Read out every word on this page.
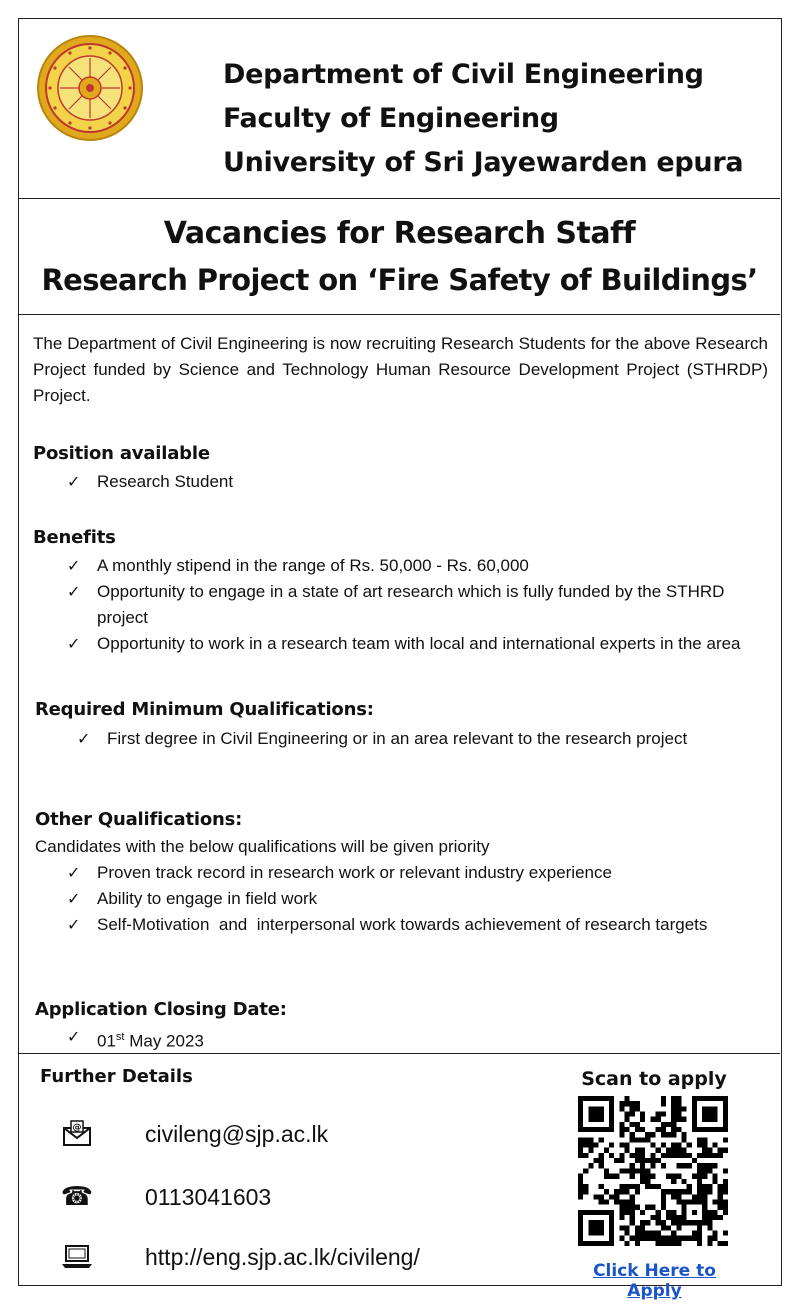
Department of Civil Engineering
Faculty of Engineering
University of Sri Jayewarden epura
Vacancies for Research Staff
Research Project on ‘Fire Safety of Buildings’

The Department of Civil Engineering is now recruiting Research Students for the above Research Project funded by Science and Technology Human Resource Development Project (STHRDP) Project.

Position available
✓ Research Student
Benefits
✓ A monthly stipend in the range of Rs. 50,000 - Rs. 60,000
✓ Opportunity to engage in a state of art research which is fully funded by the STHRD project
✓ Opportunity to work in a research team with local and international experts in the area
Required Minimum Qualifications:
✓ First degree in Civil Engineering or in an area relevant to the research project
Other Qualifications:
Candidates with the below qualifications will be given priority
✓ Proven track record in research work or relevant industry experience
✓ Ability to engage in field work
✓ Self-Motivation  and  interpersonal work towards achievement of research targets
Application Closing Date:
✓ 01st May 2023
Further Details
@	civileng@sjp.ac.lk
☎ 0113041603
http://eng.sjp.ac.lk/civileng/
Scan to apply
Click Here to Apply
